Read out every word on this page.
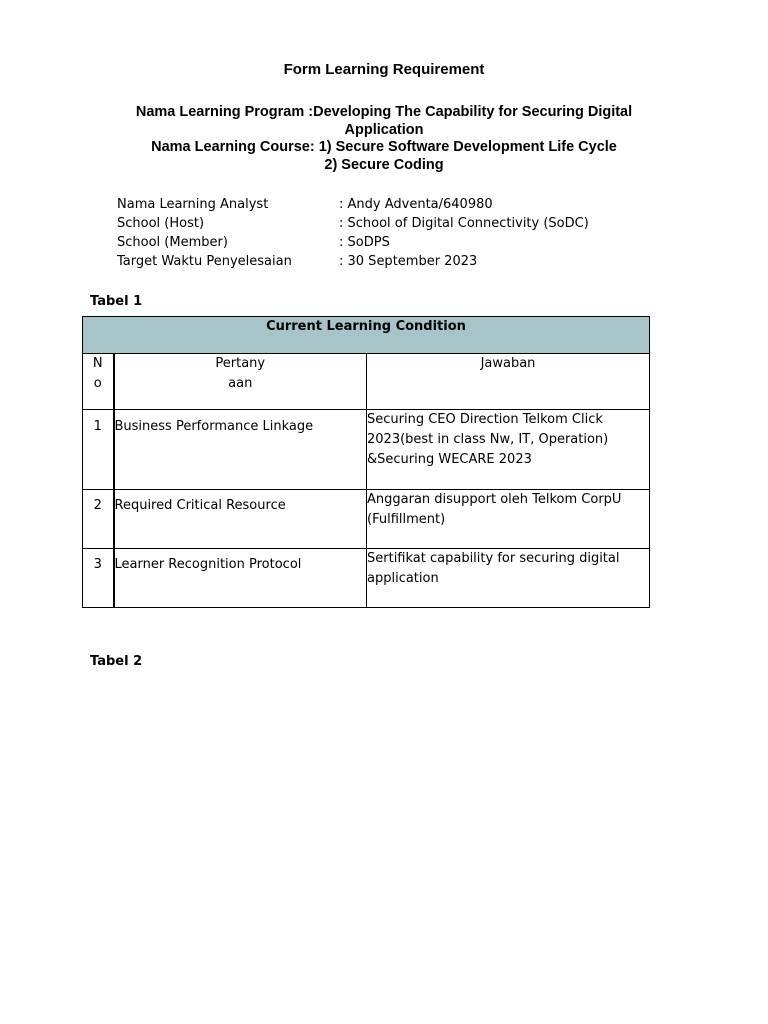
Form Learning Requirement
Nama Learning Program :Developing The Capability for Securing Digital
Application
Nama Learning Course: 1) Secure Software Development Life Cycle
2) Secure Coding
Nama Learning Analyst	: Andy Adventa/640980
School (Host)	: School of Digital Connectivity (SoDC)
School (Member)	: SoDPS
Target Waktu Penyelesaian	: 30 September 2023
Tabel 1
Current Learning Condition		

No	Pertanyaan	Jawaban

1	Business Performance Linkage	Securing CEO Direction Telkom Click 2023(best in class Nw, IT, Operation) &Securing WECARE 2023
2	Required Critical Resource	Anggaran disupport oleh Telkom CorpU (Fulfillment)
3	Learner Recognition Protocol	Sertifikat capability for securing digital application
Tabel 2
